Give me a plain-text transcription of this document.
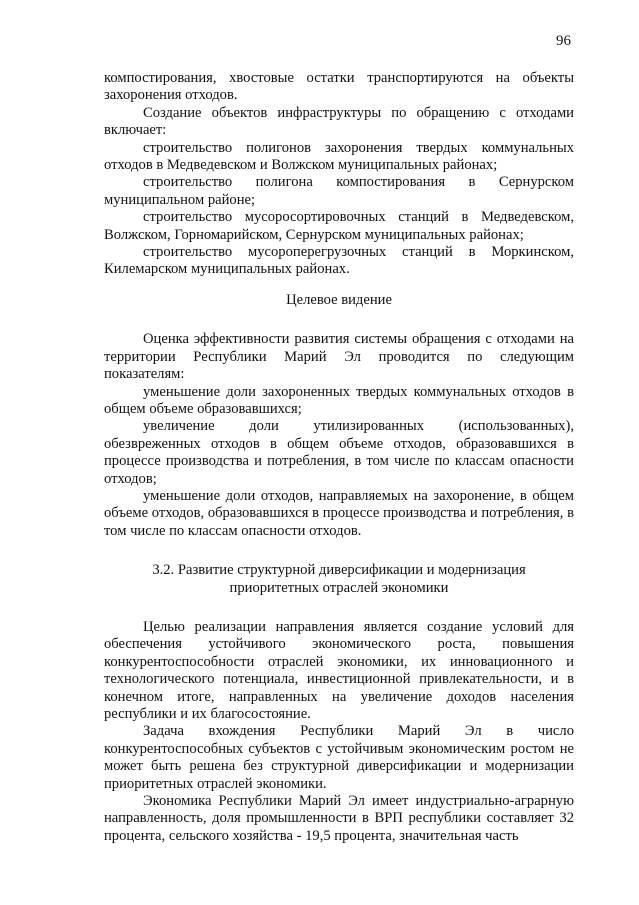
96

компостирования, хвостовые остатки транспортируются на объекты захоронения отходов.

Создание объектов инфраструктуры по обращению с отходами включает:

строительство полигонов захоронения твердых коммунальных отходов в Медведевском и Волжском муниципальных районах;

строительство полигона компостирования в Сернурском муниципальном районе;

строительство мусоросортировочных станций в Медведевском, Волжском, Горномарийском, Сернурском муниципальных районах;

строительство мусороперегрузочных станций в Моркинском, Килемарском муниципальных районах.

Целевое видение

Оценка эффективности развития системы обращения с отходами на территории Республики Марий Эл проводится по следующим показателям:

уменьшение доли захороненных твердых коммунальных отходов в общем объеме образовавшихся;

увеличение доли утилизированных (использованных), обезвреженных отходов в общем объеме отходов, образовавшихся в процессе производства и потребления, в том числе по классам опасности отходов;

уменьшение доли отходов, направляемых на захоронение, в общем объеме отходов, образовавшихся в процессе производства и потребления, в том числе по классам опасности отходов.

3.2. Развитие структурной диверсификации и модернизация

приоритетных отраслей экономики

Целью реализации направления является создание условий для обеспечения устойчивого экономического роста, повышения конкурентоспособности отраслей экономики, их инновационного и технологического потенциала, инвестиционной привлекательности, и в конечном итоге, направленных на увеличение доходов населения республики и их благосостояние.

Задача вхождения Республики Марий Эл в число конкурентоспособных субъектов с устойчивым экономическим ростом не может быть решена без структурной диверсификации и модернизации приоритетных отраслей экономики.

Экономика Республики Марий Эл имеет индустриально-аграрную направленность, доля промышленности в ВРП республики составляет 32 процента, сельского хозяйства - 19,5 процента, значительная часть
